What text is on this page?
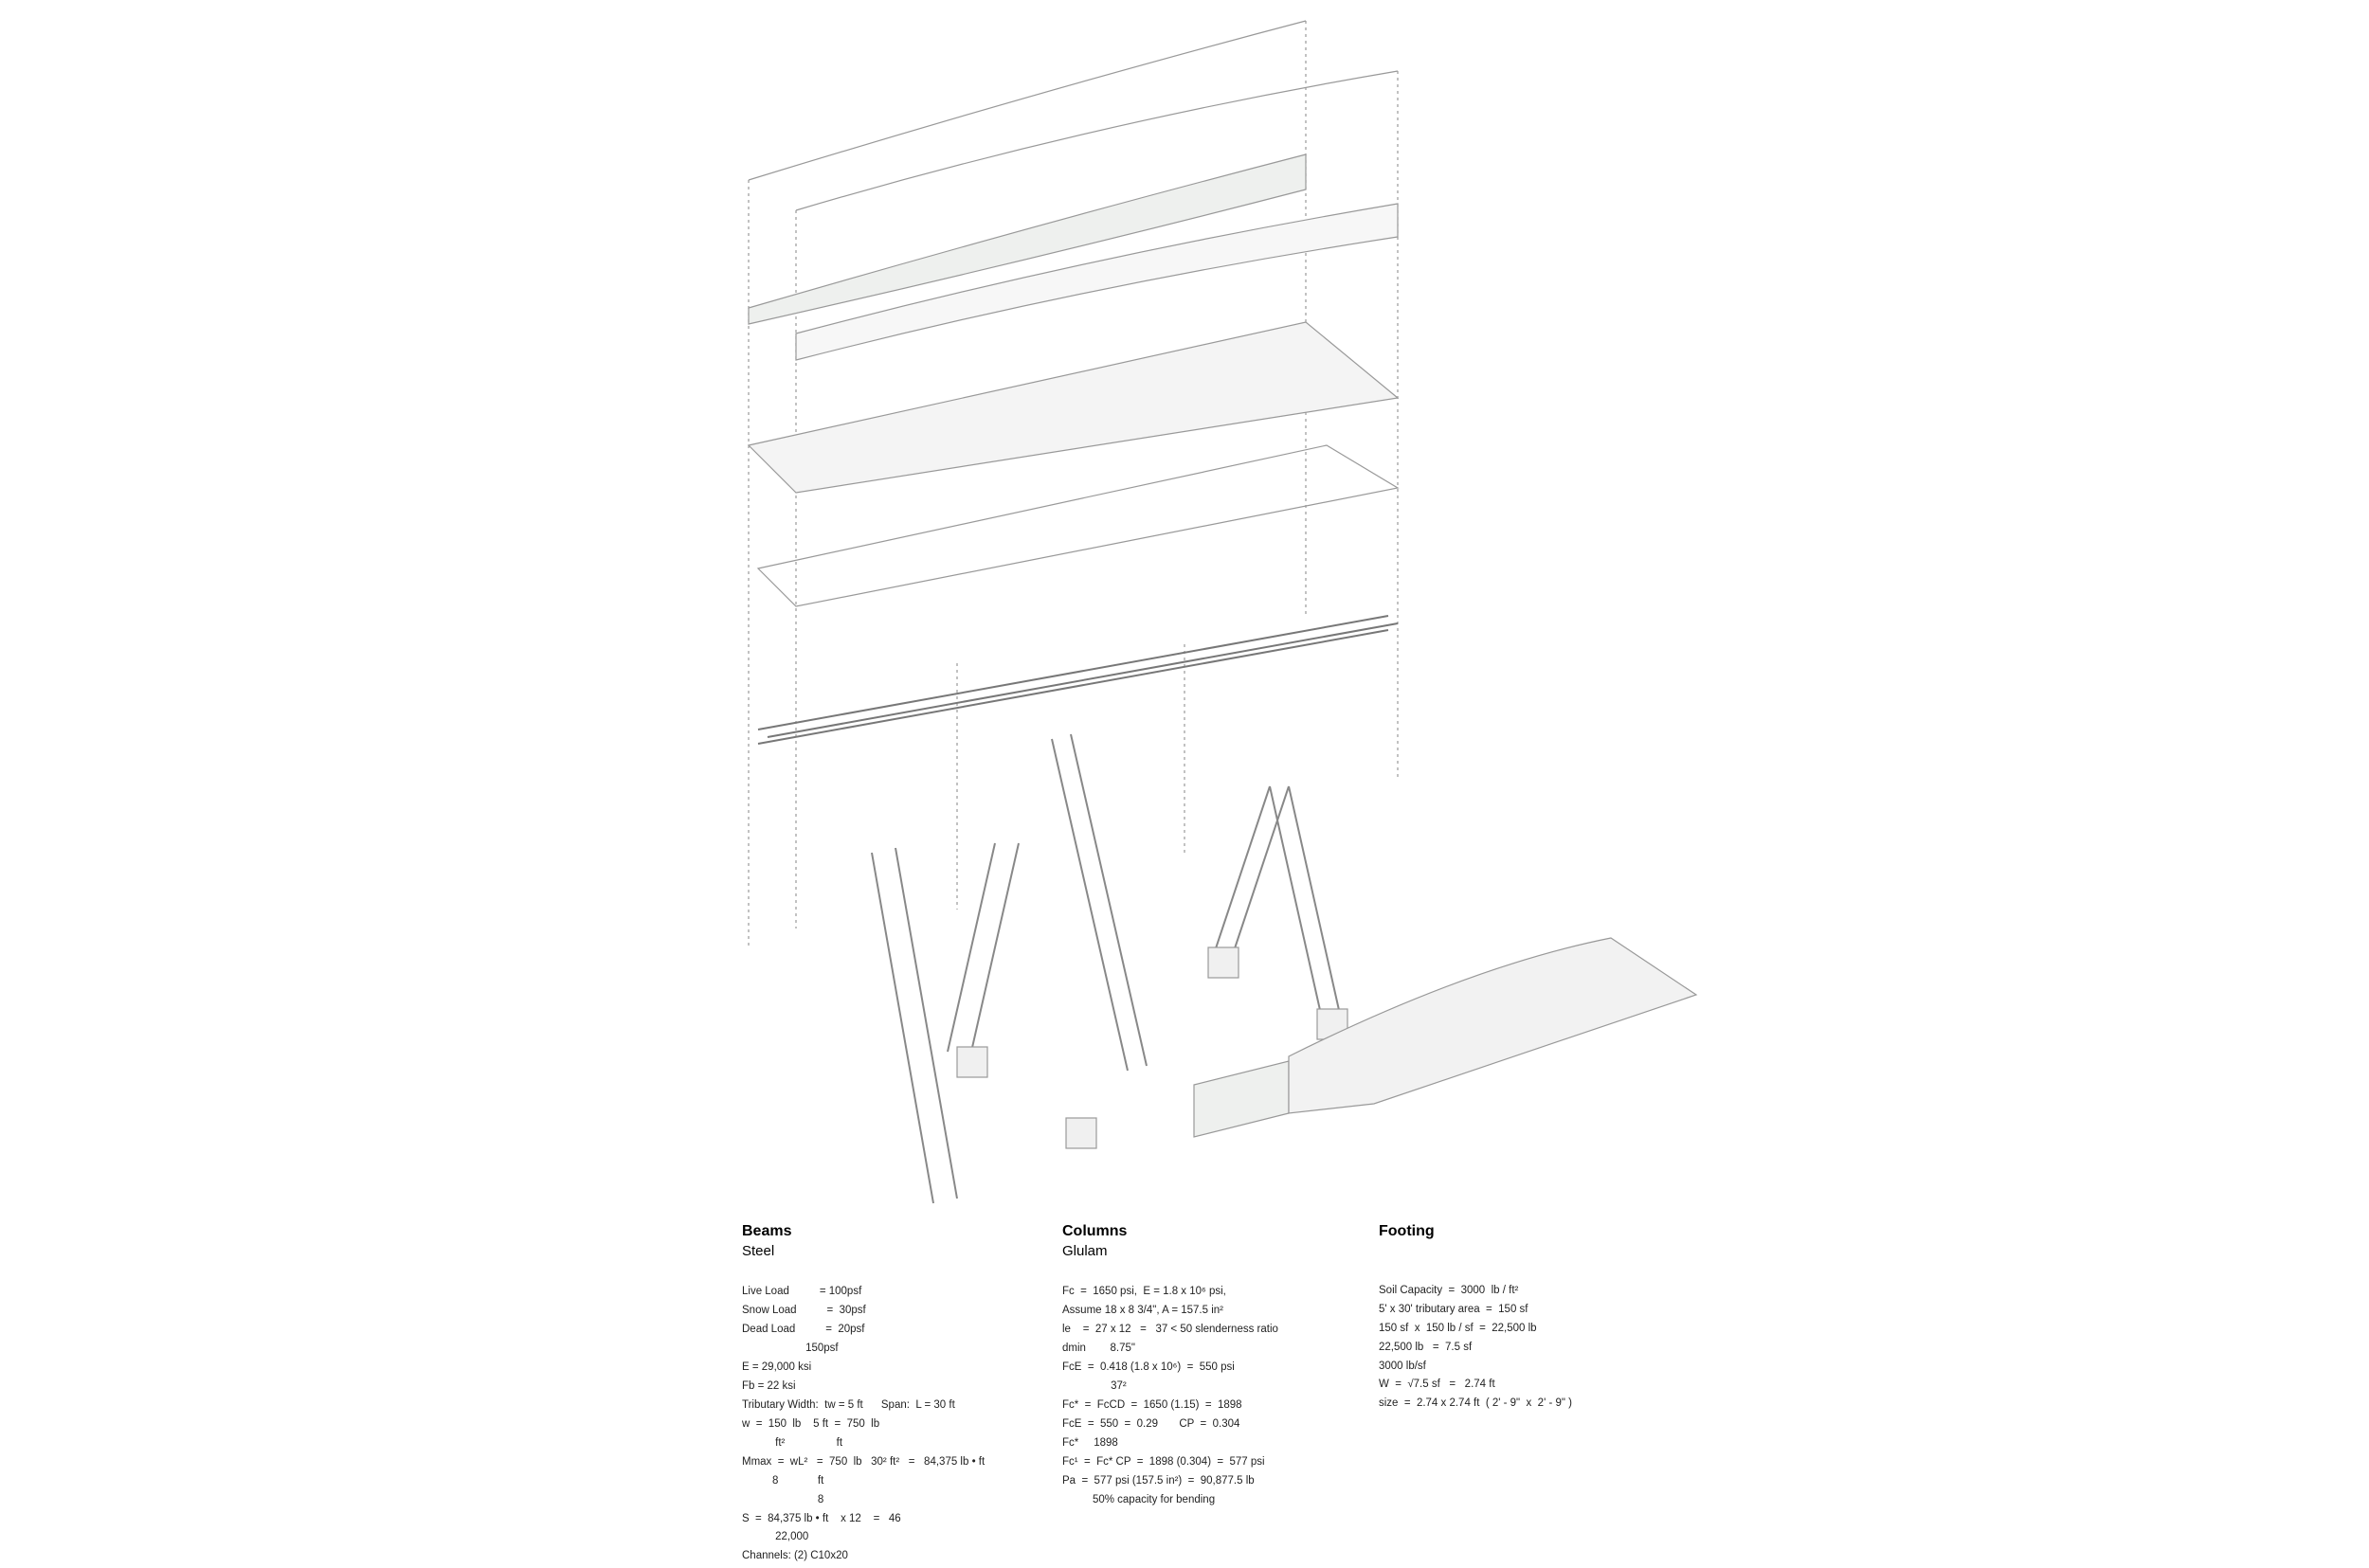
Beams
Steel
Live Load          = 100psf
Snow Load          =  30psf
Dead Load          =  20psf
150psf
E = 29,000 ksi
Fb = 22 ksi
Tributary Width:  tw = 5 ft      Span:  L = 30 ft
w  =  150  lb    5 ft  =  750  lb
ft²                 ft
Mmax  =  wL²   =  750  lb   30² ft²   =   84,375 lb • ft
8             ft
8
S  =  84,375 lb • ft    x 12    =   46
22,000
Channels: (2) C10x20
Columns
Glulam
Fc  =  1650 psi,  E = 1.8 x 10⁶ psi,
Assume 18 x 8 3/4", A = 157.5 in²
le    =  27 x 12   =   37 < 50 slenderness ratio
dmin        8.75"
FcE  =  0.418 (1.8 x 10⁶)  =  550 psi
37²
Fc*  =  FcCD  =  1650 (1.15)  =  1898
FcE  =  550  =  0.29       CP  =  0.304
Fc*     1898
Fc¹  =  Fc* CP  =  1898 (0.304)  =  577 psi
Pa  =  577 psi (157.5 in²)  =  90,877.5 lb
50% capacity for bending
Footing
Soil Capacity  =  3000  lb / ft²
5' x 30' tributary area  =  150 sf
150 sf  x  150 lb / sf  =  22,500 lb
22,500 lb   =  7.5 sf
3000 lb/sf
W  =  √7.5 sf   =   2.74 ft
size  =  2.74 x 2.74 ft  ( 2' - 9"  x  2' - 9" )
